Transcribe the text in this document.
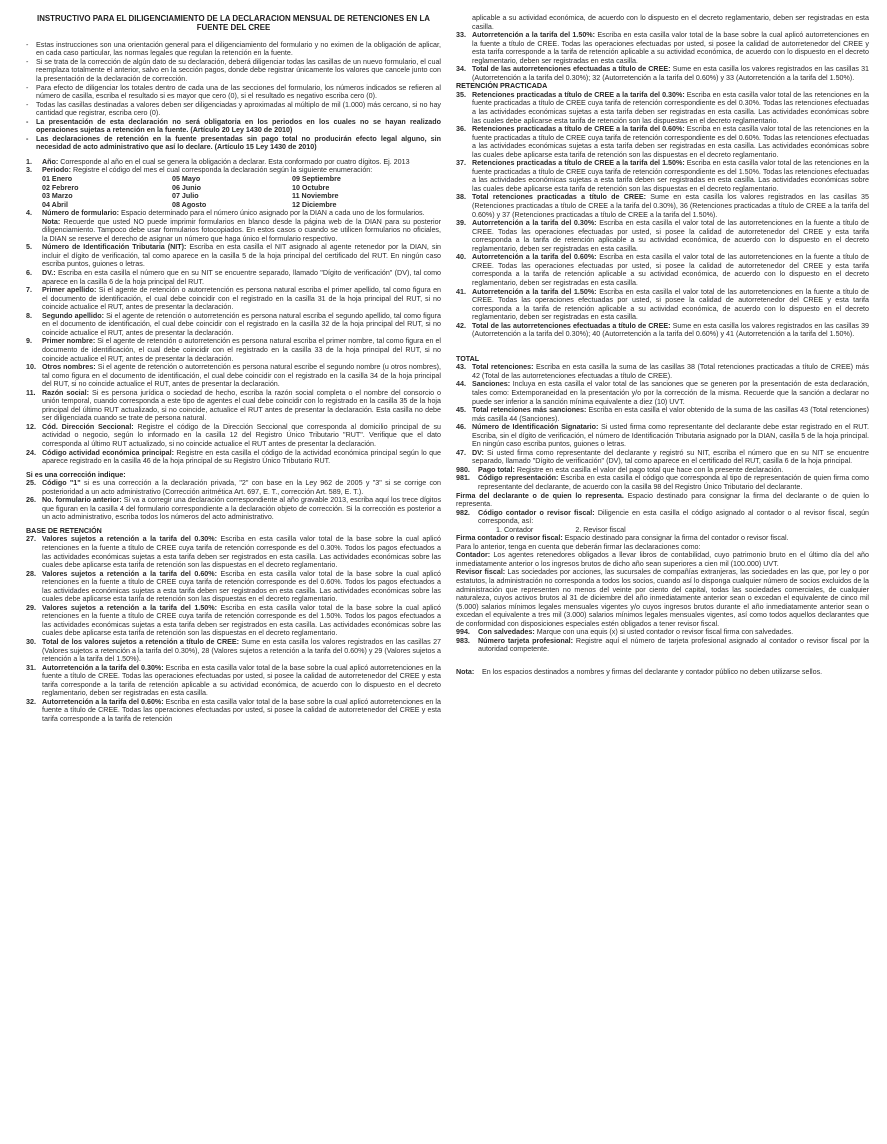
INSTRUCTIVO PARA EL DILIGENCIAMIENTO DE LA DECLARACION MENSUAL DE RETENCIONES EN LA FUENTE DEL CREE

- Estas instrucciones son una orientación general para el diligenciamiento del formulario y no eximen de la obligación de aplicar, en cada caso particular, las normas legales que regulan la retención en la fuente.

- Si se trata de la corrección de algún dato de su declaración, deberá diligenciar todas las casillas de un nuevo formulario, el cual reemplaza totalmente el anterior, salvo en la sección pagos, donde debe registrar únicamente los valores que cancele junto con la presentación de la declaración de corrección.

- Para efecto de diligenciar los totales dentro de cada una de las secciones del formulario, los números indicados se refieren al número de casilla, escriba el resultado si es mayor que cero (0), si el resultado es negativo escriba cero (0).

- Todas las casillas destinadas a valores deben ser diligenciadas y aproximadas al múltiplo de mil (1.000) más cercano, si no hay cantidad que registrar, escriba cero (0).

- La presentación de esta declaración no será obligatoria en los periodos en los cuales no se hayan realizado operaciones sujetas a retención en la fuente. (Artículo 20 Ley 1430 de 2010)

- Las declaraciones de retención en la fuente presentadas sin pago total no producirán efecto legal alguno, sin necesidad de acto administrativo que así lo declare. (Artículo 15 Ley 1430 de 2010)

1. Año: Corresponde al año en el cual se genera la obligación a declarar. Esta conformado por cuatro dígitos. Ej. 2013

3. Periodo: Registre el código del mes el cual corresponda la declaración según la siguiente enumeración:

01 Enero	05 Mayo	09 Septiembre
02 Febrero	06 Junio	10 Octubre
03 Marzo	07 Julio	11 Noviembre
04 Abril	08 Agosto	12 Diciembre

4. Número de formulario: Espacio determinado para el número único asignado por la DIAN a cada uno de los formularios.

Nota: Recuerde que usted NO puede imprimir formularios en blanco desde la página web de la DIAN para su posterior diligenciamiento. Tampoco debe usar formularios fotocopiados. En estos casos o cuando se utilicen formularios no oficiales, la DIAN se reserve el derecho de asignar un número que haga único el formulario respectivo.

5. Número de Identificación Tributaria (NIT): Escriba en esta casilla el NIT asignado al agente retenedor por la DIAN, sin incluir el dígito de verificación, tal como aparece en la casilla 5 de la hoja principal del certificado del RUT. En ningún caso escriba puntos, guiones o letras.

6. DV.: Escriba en esta casilla el número que en su NIT se encuentre separado, llamado "Dígito de verificación" (DV), tal como aparece en la casilla 6 de la hoja principal del RUT.

7. Primer apellido: Si el agente de retención o autorretención es persona natural escriba el primer apellido, tal como figura en el documento de identificación, el cual debe coincidir con el registrado en la casilla 31 de la hoja principal del RUT, si no coincide actualice el RUT, antes de presentar la declaración.

8. Segundo apellido: Si el agente de retención o autorretención es persona natural escriba el segundo apellido, tal como figura en el documento de identificación, el cual debe coincidir con el registrado en la casilla 32 de la hoja principal del RUT, si no coincide actualice el RUT, antes de presentar la declaración.

9. Primer nombre: Si el agente de retención o autorretención es persona natural escriba el primer nombre, tal como figura en el documento de identificación, el cual debe coincidir con el registrado en la casilla 33 de la hoja principal del RUT, si no coincide actualice el RUT, antes de presentar la declaración.

10. Otros nombres: Si el agente de retención o autorretención es persona natural escribe el segundo nombre (u otros nombres), tal como figura en el documento de identificación, el cual debe coincidir con el registrado en la casilla 34 de la hoja principal del RUT, si no coincide actualice el RUT, antes de presentar la declaración.

11. Razón social: Si es persona jurídica o sociedad de hecho, escriba la razón social completa o el nombre del consorcio o unión temporal, cuando corresponda a este tipo de agentes el cual debe coincidir con lo registrado en la casilla 35 de la hoja principal del último RUT actualizado, si no coincide, actualice el RUT antes de presentar la declaración. Esta casilla no debe ser diligenciada cuando se trate de persona natural.

12. Cód. Dirección Seccional: Registre el código de la Dirección Seccional que corresponda al domicilio principal de su actividad o negocio, según lo informado en la casilla 12 del Registro Único Tributario "RUT". Verifique que el dato corresponda al último RUT actualizado, si no coincide actualice el RUT antes de presentar la declaración.

24. Código actividad económica principal: Registre en esta casilla el código de la actividad económica principal según lo que aparece registrado en la casilla 46 de la hoja principal de su Registro Único Tributario RUT.

Si es una corrección indique:

25. Código "1" si es una corrección a la declaración privada, "2" con base en la Ley 962 de 2005 y "3" si se corrige con posterioridad a un acto administrativo (Corrección aritmética Art. 697, E. T., corrección Art. 589, E. T.).

26. No. formulario anterior: Si va a corregir una declaración correspondiente al año gravable 2013, escriba aquí los trece dígitos que figuran en la casilla 4 del formulario correspondiente a la declaración objeto de corrección. Si la corrección es posterior a un acto administrativo, escriba todos los números del acto administrativo.

BASE DE RETENCIÓN

27. Valores sujetos a retención a la tarifa del 0.30%: Escriba en esta casilla valor total de la base sobre la cual aplicó retenciones en la fuente a título de CREE cuya tarifa de retención corresponde es del 0.30%. Todos los pagos efectuados a las actividades económicas sujetas a esta tarifa deben ser registrados en esta casilla. Las actividades económicas sobre las cuales debe aplicarse esta tarifa de retención son las dispuestas en el decreto reglamentario.

28. Valores sujetos a retención a la tarifa del 0.60%: Escriba en esta casilla valor total de la base sobre la cual aplicó retenciones en la fuente a título de CREE cuya tarifa de retención corresponde es del 0.60%. Todos los pagos efectuados a las actividades económicas sujetas a esta tarifa deben ser registrados en esta casilla. Las actividades económicas sobre las cuales debe aplicarse esta tarifa de retención son las dispuestas en el decreto reglamentario.

29. Valores sujetos a retención a la tarifa del 1.50%: Escriba en esta casilla valor total de la base sobre la cual aplicó retenciones en la fuente a título de CREE cuya tarifa de retención corresponde es del 1.50%. Todos los pagos efectuados a las actividades económicas sujetas a esta tarifa deben ser registrados en esta casilla. Las actividades económicas sobre las cuales debe aplicarse esta tarifa de retención son las dispuestas en el decreto reglamentario.

30. Total de los valores sujetos a retención a título de CREE: Sume en esta casilla los valores registrados en las casillas 27 (Valores sujetos a retención a la tarifa del 0.30%), 28 (Valores sujetos a retención a la tarifa del 0.60%) y 29 (Valores sujetos a retención a la tarifa del 1.50%).

31. Autorretención a la tarifa del 0.30%: Escriba en esta casilla valor total de la base sobre la cual aplicó autorretenciones en la fuente a título de CREE. Todas las operaciones efectuadas por usted, si posee la calidad de autorretenedor del CREE y esta tarifa corresponde a la tarifa de retención aplicable a su actividad económica, de acuerdo con lo dispuesto en el decreto reglamentario, deben ser registradas en esta casilla.

32. Autorretención a la tarifa del 0.60%: Escriba en esta casilla valor total de la base sobre la cual aplicó autorretenciones en la fuente a título de CREE. Todas las operaciones efectuadas por usted, si posee la calidad de autorretenedor del CREE y esta tarifa corresponde a la tarifa de retención

aplicable a su actividad económica, de acuerdo con lo dispuesto en el decreto reglamentario, deben ser registradas en esta casilla.

33. Autorretención a la tarifa del 1.50%: Escriba en esta casilla valor total de la base sobre la cual aplicó autorretenciones en la fuente a título de CREE. Todas las operaciones efectuadas por usted, si posee la calidad de autorretenedor del CREE y esta tarifa corresponde a la tarifa de retención aplicable a su actividad económica, de acuerdo con lo dispuesto en el decreto reglamentario, deben ser registradas en esta casilla.

34. Total de las autorretenciones efectuadas a título de CREE: Sume en esta casilla los valores registrados en las casillas 31 (Autorretención a la tarifa del 0.30%); 32 (Autorretención a la tarifa del 0.60%) y 33 (Autorretención a la tarifa del 1.50%).

RETENCIÓN PRACTICADA

35. Retenciones practicadas a título de CREE a la tarifa del 0.30%: Escriba en esta casilla valor total de las retenciones en la fuente practicadas a título de CREE cuya tarifa de retención correspondiente es del 0.30%. Todas las retenciones efectuadas a las actividades económicas sujetas a esta tarifa deben ser registradas en esta casilla. Las actividades económicas sobre las cuales debe aplicarse esta tarifa de retención son las dispuestas en el decreto reglamentario.

36. Retenciones practicadas a título de CREE a la tarifa del 0.60%: Escriba en esta casilla valor total de las retenciones en la fuente practicadas a título de CREE cuya tarifa de retención correspondiente es del 0.60%. Todas las retenciones efectuadas a las actividades económicas sujetas a esta tarifa deben ser registradas en esta casilla. Las actividades económicas sobre las cuales debe aplicarse esta tarifa de retención son las dispuestas en el decreto reglamentario.

37. Retenciones practicadas a título de CREE a la tarifa del 1.50%: Escriba en esta casilla valor total de las retenciones en la fuente practicadas a título de CREE cuya tarifa de retención correspondiente es del 1.50%. Todas las retenciones efectuadas a las actividades económicas sujetas a esta tarifa deben ser registradas en esta casilla. Las actividades económicas sobre las cuales debe aplicarse esta tarifa de retención son las dispuestas en el decreto reglamentario.

38. Total retenciones practicadas a título de CREE: Sume en esta casilla los valores registrados en las casillas 35 (Retenciones practicadas a título de CREE a la tarifa del 0.30%), 36 (Retenciones practicadas a título de CREE a la tarifa del 0.60%) y 37 (Retenciones practicadas a título de CREE a la tarifa del 1.50%).

39. Autorretención a la tarifa del 0.30%: Escriba en esta casilla el valor total de las autorretenciones en la fuente a título de CREE. Todas las operaciones efectuadas por usted, si posee la calidad de autorretenedor del CREE y esta tarifa corresponda a la tarifa de retención aplicable a su actividad económica, de acuerdo con lo dispuesto en el decreto reglamentario, deben ser registradas en esta casilla.

40. Autorretención a la tarifa del 0.60%: Escriba en esta casilla el valor total de las autorretenciones en la fuente a título de CREE. Todas las operaciones efectuadas por usted, si posee la calidad de autorretenedor del CREE y esta tarifa corresponda a la tarifa de retención aplicable a su actividad económica, de acuerdo con lo dispuesto en el decreto reglamentario, deben ser registradas en esta casilla.

41. Autorretención a la tarifa del 1.50%: Escriba en esta casilla el valor total de las autorretenciones en la fuente a título de CREE. Todas las operaciones efectuadas por usted, si posee la calidad de autorretenedor del CREE y esta tarifa corresponda a la tarifa de retención aplicable a su actividad económica, de acuerdo con lo dispuesto en el decreto reglamentario, deben ser registradas en esta casilla.

42. Total de las autorretenciones efectuadas a título de CREE: Sume en esta casilla los valores registrados en las casillas 39 (Autorretención a la tarifa del 0.30%); 40 (Autorretención a la tarifa del 0.60%) y 41 (Autorretención a la tarifa del 1.50%).

TOTAL

43. Total retenciones: Escriba en esta casilla la suma de las casillas 38 (Total retenciones practicadas a título de CREE) más 42 (Total de las autorretenciones efectuadas a título de CREE).

44. Sanciones: Incluya en esta casilla el valor total de las sanciones que se generen por la presentación de esta declaración, tales como: Extemporaneidad en la presentación y/o por la corrección de la misma. Recuerde que la sanción a declarar no puede ser inferior a la sanción mínima equivalente a diez (10) UVT.

45. Total retenciones más sanciones: Escriba en esta casilla el valor obtenido de la suma de las casillas 43 (Total retenciones) más casilla 44 (Sanciones).

46. Número de Identificación Signatario: Si usted firma como representante del declarante debe estar registrado en el RUT. Escriba, sin el dígito de verificación, el número de Identificación Tributaria asignado por la DIAN, casilla 5 de la hoja principal. En ningún caso escriba puntos, guiones o letras.

47. DV: Si usted firma como representante del declarante y registró su NIT, escriba el número que en su NIT se encuentre separado, llamado "Dígito de verificación" (DV), tal como aparece en el certificado del RUT, casilla 6 de la hoja principal.

980. Pago total: Registre en esta casilla el valor del pago total que hace con la presente declaración.

981. Código representación: Escriba en esta casilla el código que corresponda al tipo de representación de quien firma como representante del declarante, de acuerdo con la casilla 98 del Registro Único Tributario del declarante.

Firma del declarante o de quien lo representa. Espacio destinado para consignar la firma del declarante o de quien lo representa.

982. Código contador o revisor fiscal: Diligencie en esta casilla el código asignado al contador o al revisor fiscal, según corresponda, así:

1. Contador	2. Revisor fiscal

Firma contador o revisor fiscal: Espacio destinado para consignar la firma del contador o revisor fiscal.

Para lo anterior, tenga en cuenta que deberán firmar las declaraciones como:

Contador: Los agentes retenedores obligados a llevar libros de contabilidad, cuyo patrimonio bruto en el último día del año inmediatamente anterior o los ingresos brutos de dicho año sean superiores a cien mil (100.000) UVT.

Revisor fiscal: Las sociedades por acciones, las sucursales de compañías extranjeras, las sociedades en las que, por ley o por estatutos, la administración no corresponda a todos los socios, cuando así lo disponga cualquier número de socios excluidos de la administración que representen no menos del veinte por ciento del capital, todas las sociedades comerciales, de cualquier naturaleza, cuyos activos brutos al 31 de diciembre del año inmediatamente anterior sean o excedan el equivalente de cinco mil (5.000) salarios mínimos legales mensuales vigentes y/o cuyos ingresos brutos durante el año inmediatamente anterior sean o excedan el equivalente a tres mil (3.000) salarios mínimos legales mensuales vigentes, así como todos aquellos declarantes que de conformidad con disposiciones especiales estén obligados a tener revisor fiscal.

994. Con salvedades: Marque con una equis (x) si usted contador o revisor fiscal firma con salvedades.

983. Número tarjeta profesional: Registre aquí el número de tarjeta profesional asignado al contador o revisor fiscal por la autoridad competente.

Nota: En los espacios destinados a nombres y firmas del declarante y contador público no deben utilizarse sellos.
